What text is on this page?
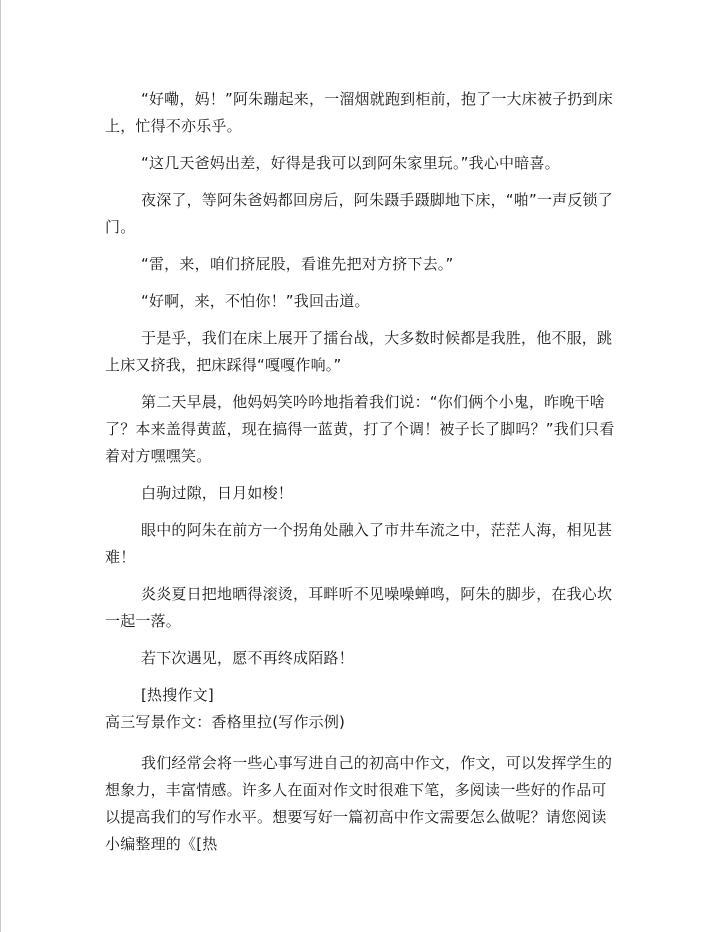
“好嘞，妈！”阿朱蹦起来，一溜烟就跑到柜前，抱了一大床被子扔到床上，忙得不亦乐乎。

“这几天爸妈出差，好得是我可以到阿朱家里玩。”我心中暗喜。

夜深了，等阿朱爸妈都回房后，阿朱蹑手蹑脚地下床，“啪”一声反锁了门。

“雷，来，咱们挤屁股，看谁先把对方挤下去。”

“好啊，来，不怕你！”我回击道。

于是乎，我们在床上展开了擂台战，大多数时候都是我胜，他不服，跳上床又挤我，把床踩得“嘎嘎作响。”

第二天早晨，他妈妈笑吟吟地指着我们说：“你们俩个小鬼，昨晚干啥了？本来盖得黄蓝，现在搞得一蓝黄，打了个调！被子长了脚吗？”我们只看着对方嘿嘿笑。

白驹过隙，日月如梭！

眼中的阿朱在前方一个拐角处融入了市井车流之中，茫茫人海，相见甚难！

炎炎夏日把地晒得滚烫，耳畔听不见噪噪蝉鸣，阿朱的脚步，在我心坎一起一落。

若下次遇见，愿不再终成陌路！

[热搜作文]

高三写景作文：香格里拉(写作示例)

我们经常会将一些心事写进自己的初高中作文，作文，可以发挥学生的想象力，丰富情感。许多人在面对作文时很难下笔，多阅读一些好的作品可以提高我们的写作水平。想要写好一篇初高中作文需要怎么做呢？请您阅读小编整理的《[热
